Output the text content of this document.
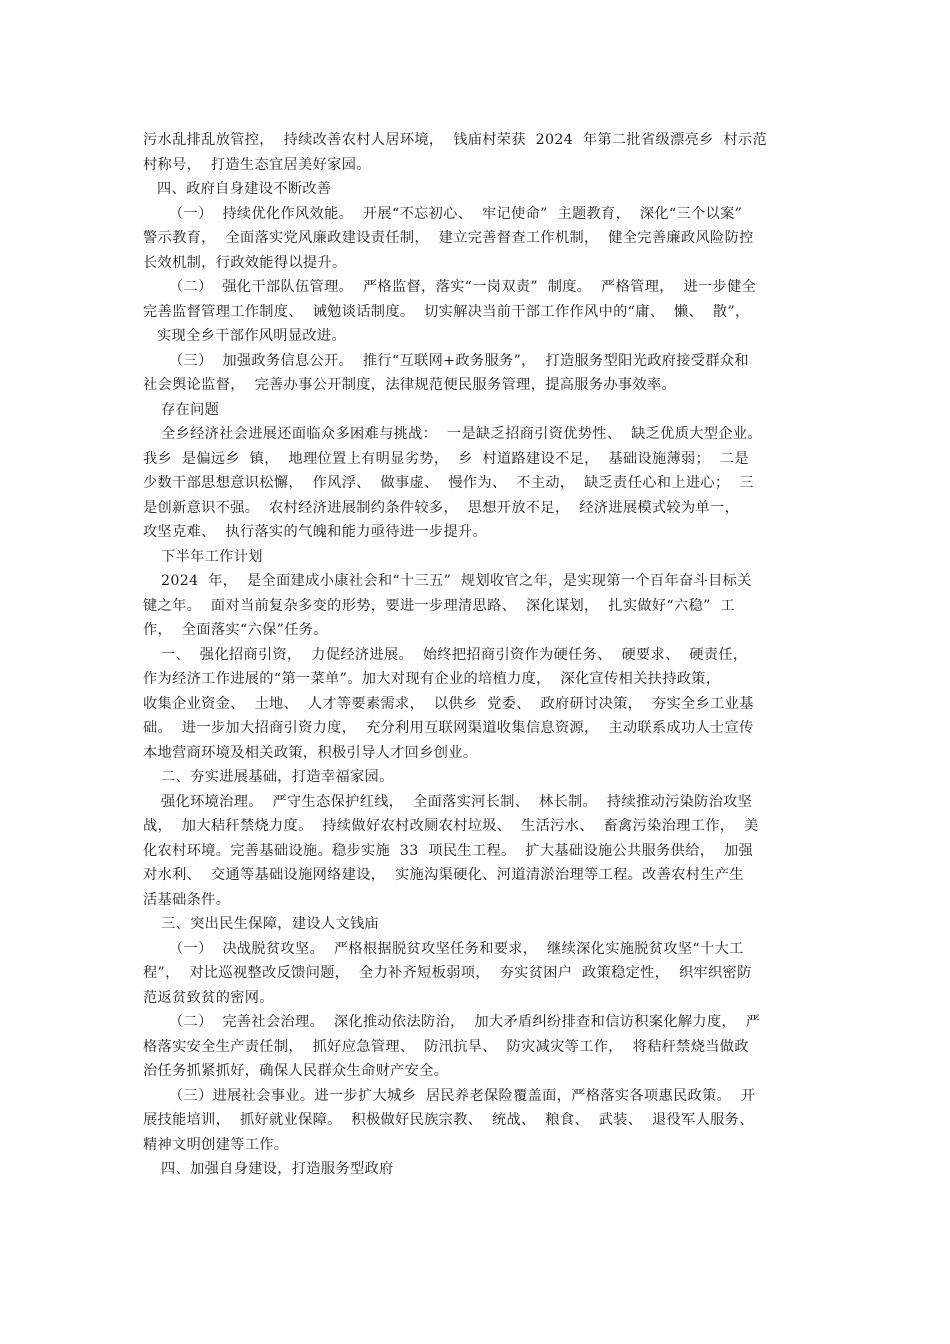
污水乱排乱放管控，  持续改善农村人居环境，  钱庙村荣获  2024  年第二批省级漂亮乡  村示范
村称号，  打造生态宜居美好家园。
四、政府自身建设不断改善
（一）  持续优化作风效能。  开展“不忘初心、  牢记使命”  主题教育，  深化“三个以案”
警示教育，  全面落实党风廉政建设责任制，  建立完善督查工作机制，  健全完善廉政风险防控
长效机制，行政效能得以提升。
（二）  强化干部队伍管理。  严格监督，落实“一岗双责”  制度。  严格管理，  进一步健全
完善监督管理工作制度、  诫勉谈话制度。  切实解决当前干部工作作风中的“庸、  懒、  散”，
实现全乡干部作风明显改进。
（三）  加强政务信息公开。  推行“互联网+政务服务”，  打造服务型阳光政府接受群众和
社会舆论监督，  完善办事公开制度，法律规范便民服务管理，提高服务办事效率。
存在问题
全乡经济社会进展还面临众多困难与挑战：  一是缺乏招商引资优势性、  缺乏优质大型企业。
我乡  是偏远乡  镇，  地理位置上有明显劣势，  乡  村道路建设不足，  基础设施薄弱；  二是
少数干部思想意识松懈，  作风浮、  做事虚、  慢作为、  不主动，  缺乏责任心和上进心；  三
是创新意识不强。  农村经济进展制约条件较多，  思想开放不足，  经济进展模式较为单一，
攻坚克难、  执行落实的气魄和能力亟待进一步提升。
下半年工作计划
2024  年，  是全面建成小康社会和“十三五”  规划收官之年，是实现第一个百年奋斗目标关
键之年。  面对当前复杂多变的形势，要进一步理清思路、  深化谋划，  扎实做好“六稳”  工
作，  全面落实“六保”任务。
一、  强化招商引资，  力促经济进展。  始终把招商引资作为硬任务、  硬要求、  硬责任，
作为经济工作进展的“第一菜单”。加大对现有企业的培植力度，  深化宣传相关扶持政策，
收集企业资金、  土地、  人才等要素需求，  以供乡  党委、  政府研讨决策，  夯实全乡工业基
础。  进一步加大招商引资力度，  充分利用互联网渠道收集信息资源，  主动联系成功人士宣传
本地营商环境及相关政策，积极引导人才回乡创业。
二、夯实进展基础，打造幸福家园。
强化环境治理。  严守生态保护红线，  全面落实河长制、  林长制。  持续推动污染防治攻坚
战，  加大秸秆禁烧力度。  持续做好农村改厕农村垃圾、  生活污水、  畜禽污染治理工作，  美
化农村环境。完善基础设施。稳步实施  33  项民生工程。  扩大基础设施公共服务供给，  加强
对水利、  交通等基础设施网络建设，  实施沟渠硬化、河道清淤治理等工程。改善农村生产生
活基础条件。
三、突出民生保障，建设人文钱庙
（一）  决战脱贫攻坚。  严格根据脱贫攻坚任务和要求，  继续深化实施脱贫攻坚“十大工
程”，  对比巡视整改反馈问题，  全力补齐短板弱项，  夯实贫困户  政策稳定性，  织牢织密防
范返贫致贫的密网。
（二）  完善社会治理。  深化推动依法防治，  加大矛盾纠纷排查和信访积案化解力度，  严
格落实安全生产责任制，  抓好应急管理、  防汛抗旱、  防灾减灾等工作，  将秸秆禁烧当做政
治任务抓紧抓好，确保人民群众生命财产安全。
（三）进展社会事业。进一步扩大城乡  居民养老保险覆盖面，严格落实各项惠民政策。  开
展技能培训，  抓好就业保障。  积极做好民族宗教、  统战、  粮食、  武装、  退役军人服务、
精神文明创建等工作。
四、加强自身建设，打造服务型政府
